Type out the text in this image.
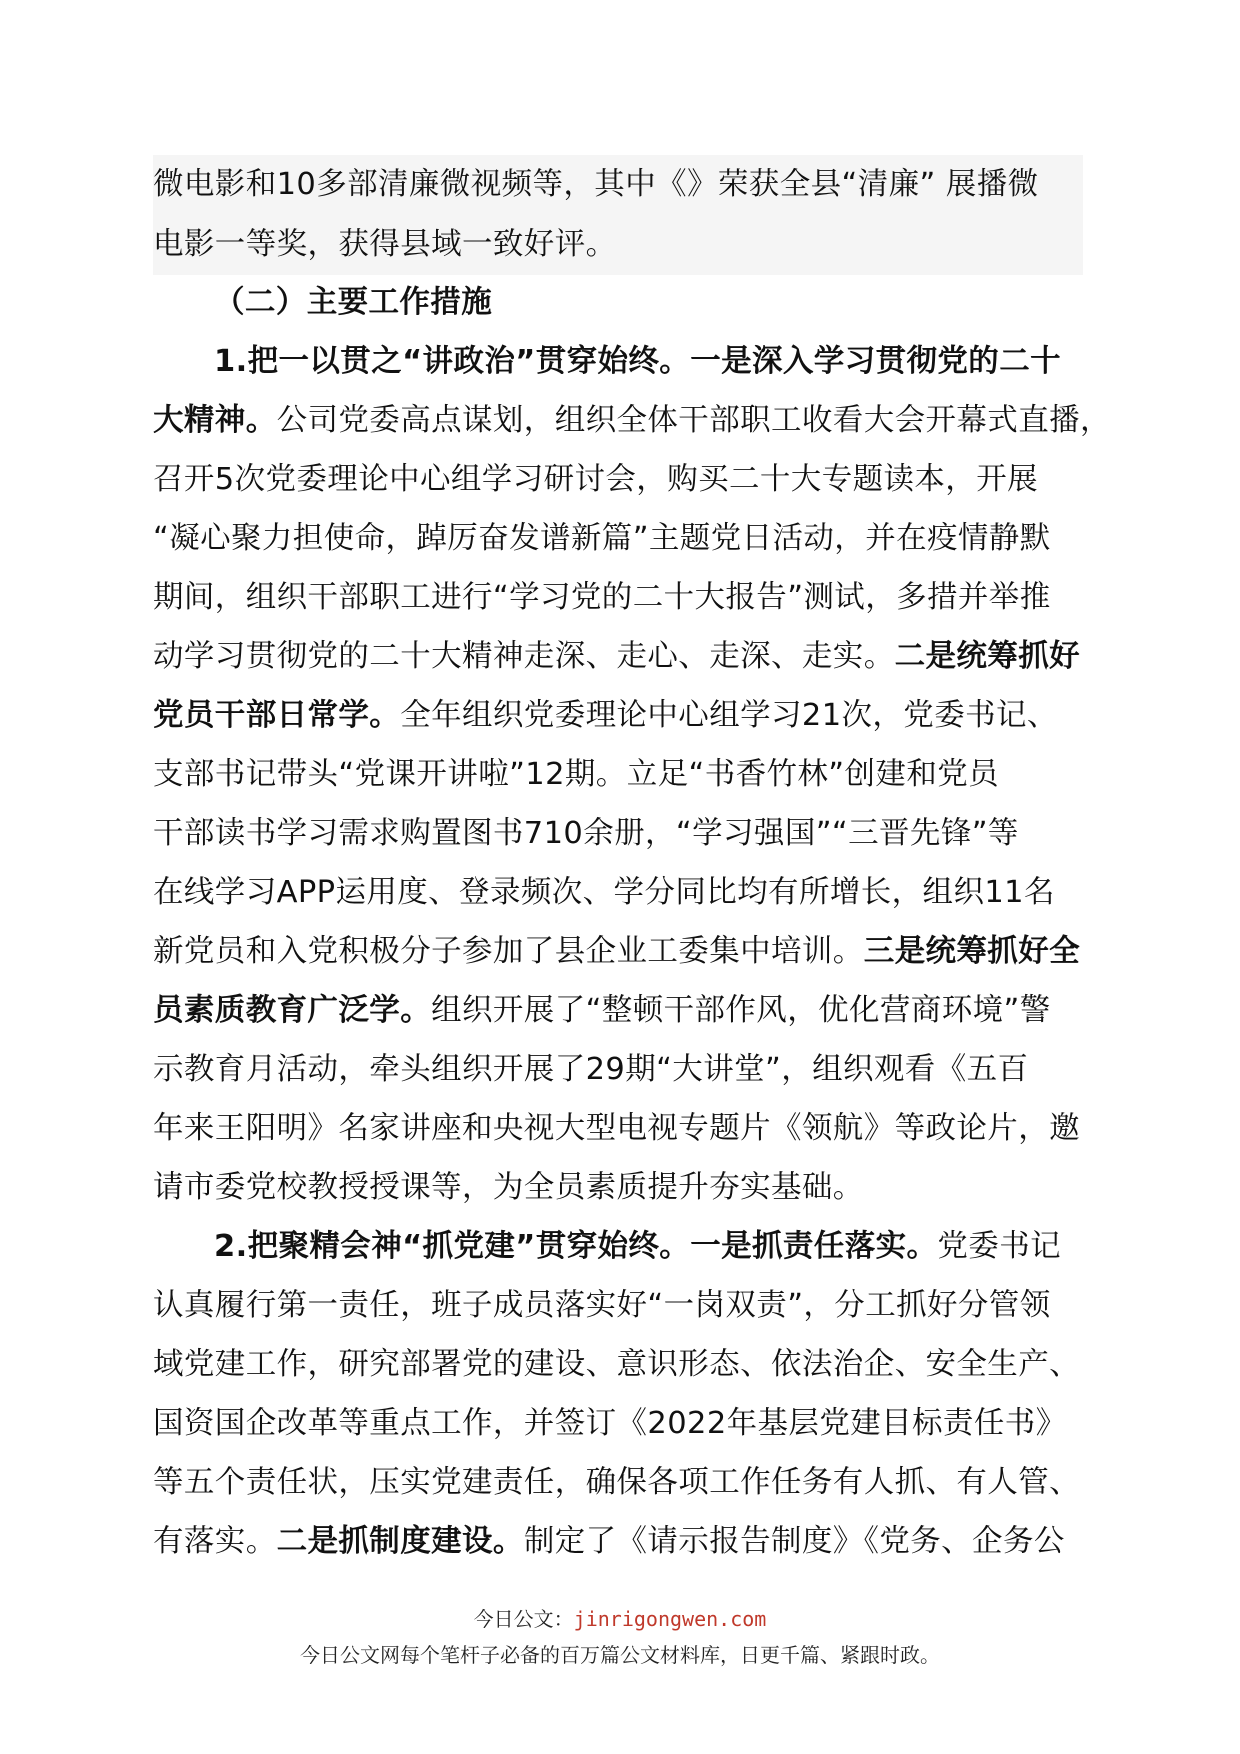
微电影和10多部清廉微视频等，其中《》荣获全县“清廉” 展播微
电影一等奖，获得县域一致好评。
（二）主要工作措施
1.把一以贯之“讲政治”贯穿始终。一是深入学习贯彻党的二十
大精神。公司党委高点谋划，组织全体干部职工收看大会开幕式直播，
召开5次党委理论中心组学习研讨会，购买二十大专题读本，开展
“凝心聚力担使命，踔厉奋发谱新篇”主题党日活动，并在疫情静默
期间，组织干部职工进行“学习党的二十大报告”测试，多措并举推
动学习贯彻党的二十大精神走深、走心、走深、走实。二是统筹抓好
党员干部日常学。全年组织党委理论中心组学习21次，党委书记、
支部书记带头“党课开讲啦”12期。立足“书香竹林”创建和党员
干部读书学习需求购置图书710余册，“学习强国”“三晋先锋”等
在线学习APP运用度、登录频次、学分同比均有所增长，组织11名
新党员和入党积极分子参加了县企业工委集中培训。三是统筹抓好全
员素质教育广泛学。组织开展了“整顿干部作风，优化营商环境”警
示教育月活动，牵头组织开展了29期“大讲堂”，组织观看《五百
年来王阳明》名家讲座和央视大型电视专题片《领航》等政论片，邀
请市委党校教授授课等，为全员素质提升夯实基础。
2.把聚精会神“抓党建”贯穿始终。一是抓责任落实。党委书记
认真履行第一责任，班子成员落实好“一岗双责”，分工抓好分管领
域党建工作，研究部署党的建设、意识形态、依法治企、安全生产、
国资国企改革等重点工作，并签订《2022年基层党建目标责任书》
等五个责任状，压实党建责任，确保各项工作任务有人抓、有人管、
有落实。二是抓制度建设。制定了《请示报告制度》《党务、企务公
今日公文：jinrigongwen.com
今日公文网每个笔杆子必备的百万篇公文材料库，日更千篇、紧跟时政。
